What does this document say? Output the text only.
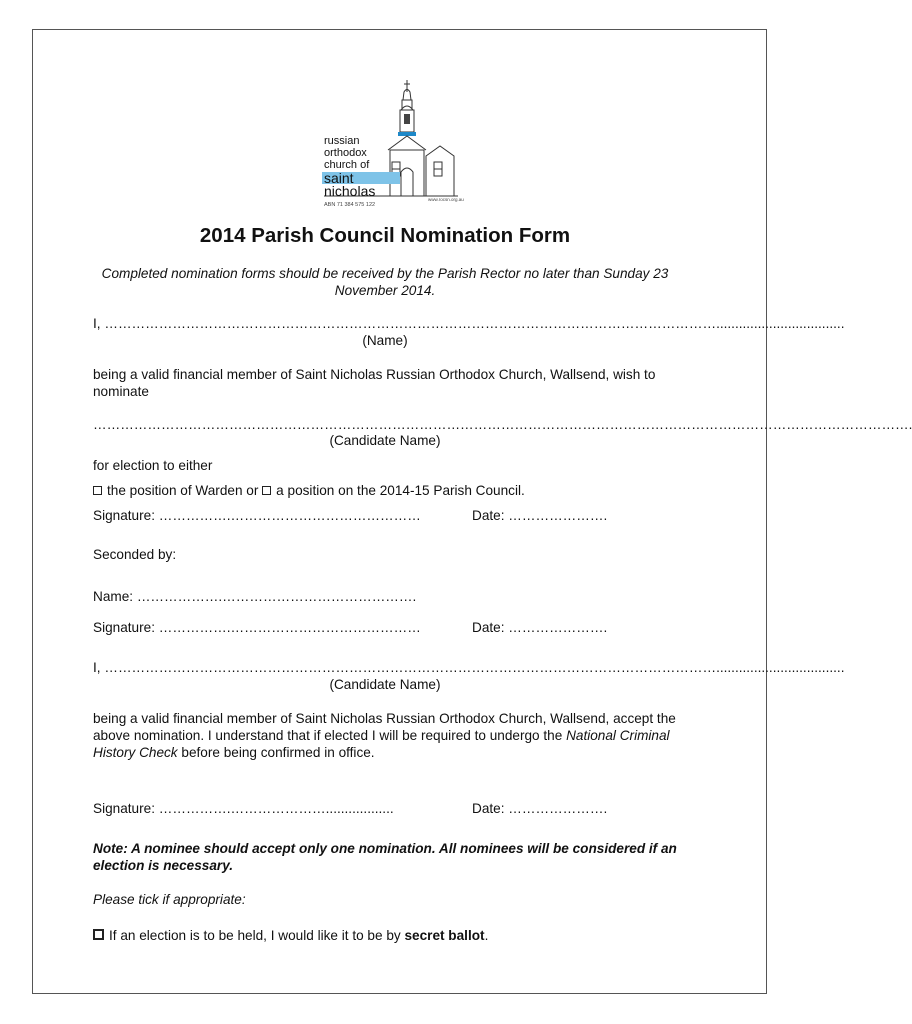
russian
orthodox
church of
saint
nicholas
ABN 71 384 575 122
www.rocsn.org.au
2014 Parish Council Nomination Form
Completed nomination forms should be received by the Parish Rector no later than Sunday 23 November 2014.
I, ………………………………………………………………………………………………………………………..................................
(Name)
being a valid financial member of Saint Nicholas Russian Orthodox Church, Wallsend, wish to nominate
……………………………………………………………………………………………………………………………………………………………….
(Candidate Name)
for election to either
the position of Warden or a position on the 2014-15 Parish Council.
Signature: …………….……………………………………	Date: ………………….
Seconded by:
Name: ……………….…………………………………….
Signature: …………….……………………………………	Date: ………………….
I, ………………………………………………………………………………………………………………………..................................
(Candidate Name)
being a valid financial member of Saint Nicholas Russian Orthodox Church, Wallsend, accept the above nomination. I understand that if elected I will be required to undergo the National Criminal History Check before being confirmed in office.
Signature: …………….…………………..................	Date: ………………….
Note: A nominee should accept only one nomination. All nominees will be considered if an election is necessary.
Please tick if appropriate:
If an election is to be held, I would like it to be by secret ballot.
